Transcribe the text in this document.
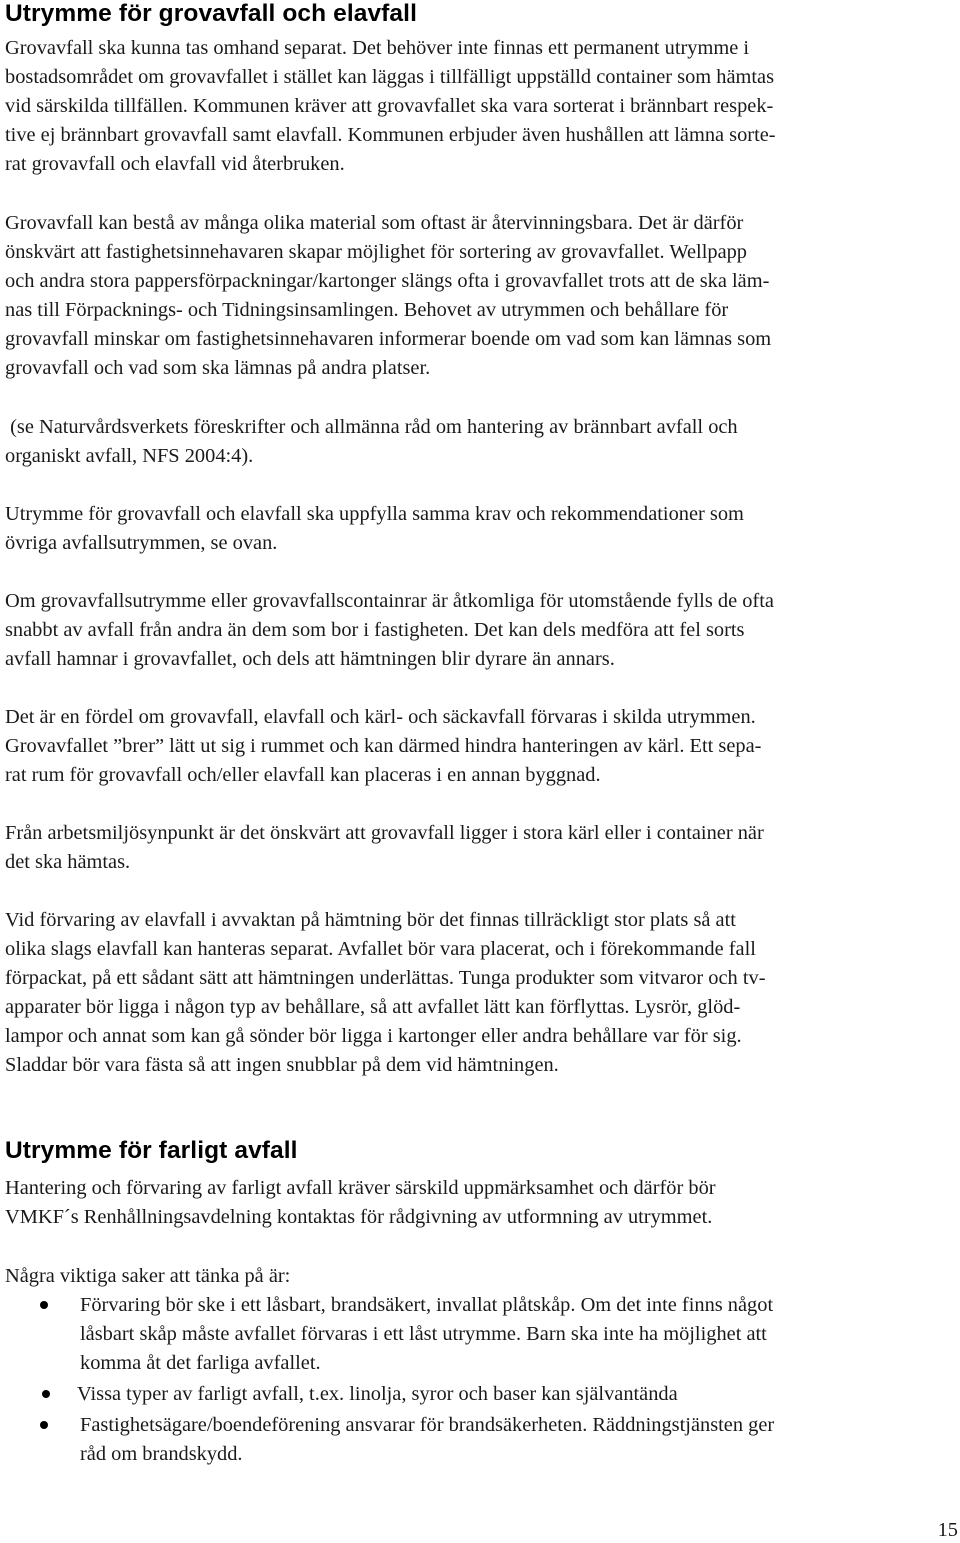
Utrymme för grovavfall och elavfall

Grovavfall ska kunna tas omhand separat. Det behöver inte finnas ett permanent utrymme i
bostadsområdet om grovavfallet i stället kan läggas i tillfälligt uppställd container som hämtas
vid särskilda tillfällen. Kommunen kräver att grovavfallet ska vara sorterat i brännbart respek-
tive ej brännbart grovavfall samt elavfall. Kommunen erbjuder även hushållen att lämna sorte-
rat grovavfall och elavfall vid återbruken.

Grovavfall kan bestå av många olika material som oftast är återvinningsbara. Det är därför
önskvärt att fastighetsinnehavaren skapar möjlighet för sortering av grovavfallet. Wellpapp
och andra stora pappersförpackningar/kartonger slängs ofta i grovavfallet trots att de ska läm-
nas till Förpacknings- och Tidningsinsamlingen. Behovet av utrymmen och behållare för
grovavfall minskar om fastighetsinnehavaren informerar boende om vad som kan lämnas som
grovavfall och vad som ska lämnas på andra platser.

(se Naturvårdsverkets föreskrifter och allmänna råd om hantering av brännbart avfall och
organiskt avfall, NFS 2004:4).

Utrymme för grovavfall och elavfall ska uppfylla samma krav och rekommendationer som
övriga avfallsutrymmen, se ovan.

Om grovavfallsutrymme eller grovavfallscontainrar är åtkomliga för utomstående fylls de ofta
snabbt av avfall från andra än dem som bor i fastigheten. Det kan dels medföra att fel sorts
avfall hamnar i grovavfallet, och dels att hämtningen blir dyrare än annars.

Det är en fördel om grovavfall, elavfall och kärl- och säckavfall förvaras i skilda utrymmen.
Grovavfallet ”brer” lätt ut sig i rummet och kan därmed hindra hanteringen av kärl. Ett sepa-
rat rum för grovavfall och/eller elavfall kan placeras i en annan byggnad.

Från arbetsmiljösynpunkt är det önskvärt att grovavfall ligger i stora kärl eller i container när
det ska hämtas.

Vid förvaring av elavfall i avvaktan på hämtning bör det finnas tillräckligt stor plats så att
olika slags elavfall kan hanteras separat. Avfallet bör vara placerat, och i förekommande fall
förpackat, på ett sådant sätt att hämtningen underlättas. Tunga produkter som vitvaror och tv-
apparater bör ligga i någon typ av behållare, så att avfallet lätt kan förflyttas. Lysrör, glöd-
lampor och annat som kan gå sönder bör ligga i kartonger eller andra behållare var för sig.
Sladdar bör vara fästa så att ingen snubblar på dem vid hämtningen.

Utrymme för farligt avfall

Hantering och förvaring av farligt avfall kräver särskild uppmärksamhet och därför bör
VMKF´s Renhållningsavdelning kontaktas för rådgivning av utformning av utrymmet.

Några viktiga saker att tänka på är:

Förvaring bör ske i ett låsbart, brandsäkert, invallat plåtskåp. Om det inte finns något
låsbart skåp måste avfallet förvaras i ett låst utrymme. Barn ska inte ha möjlighet att
komma åt det farliga avfallet.
Vissa typer av farligt avfall, t.ex. linolja, syror och baser kan självantända
Fastighetsägare/boendeförening ansvarar för brandsäkerheten. Räddningstjänsten ger
råd om brandskydd.
15
